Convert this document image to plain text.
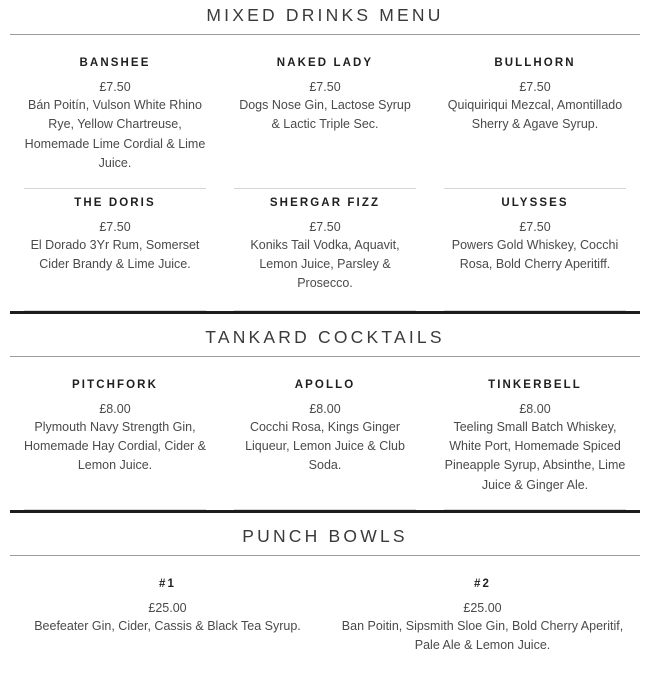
MIXED DRINKS MENU
BANSHEE
£7.50
Bán Poitín, Vulson White Rhino Rye, Yellow Chartreuse, Homemade Lime Cordial & Lime Juice.
NAKED LADY
£7.50
Dogs Nose Gin, Lactose Syrup & Lactic Triple Sec.
BULLHORN
£7.50
Quiquiriqui Mezcal, Amontillado Sherry & Agave Syrup.
THE DORIS
£7.50
El Dorado 3Yr Rum, Somerset Cider Brandy & Lime Juice.
SHERGAR FIZZ
£7.50
Koniks Tail Vodka, Aquavit, Lemon Juice, Parsley & Prosecco.
ULYSSES
£7.50
Powers Gold Whiskey, Cocchi Rosa, Bold Cherry Aperitiff.
TANKARD COCKTAILS
PITCHFORK
£8.00
Plymouth Navy Strength Gin, Homemade Hay Cordial, Cider & Lemon Juice.
APOLLO
£8.00
Cocchi Rosa, Kings Ginger Liqueur, Lemon Juice & Club Soda.
TINKERBELL
£8.00
Teeling Small Batch Whiskey, White Port, Homemade Spiced Pineapple Syrup, Absinthe, Lime Juice & Ginger Ale.
PUNCH BOWLS
#1
£25.00
Beefeater Gin, Cider, Cassis & Black Tea Syrup.
#2
£25.00
Ban Poitin, Sipsmith Sloe Gin, Bold Cherry Aperitif, Pale Ale & Lemon Juice.
